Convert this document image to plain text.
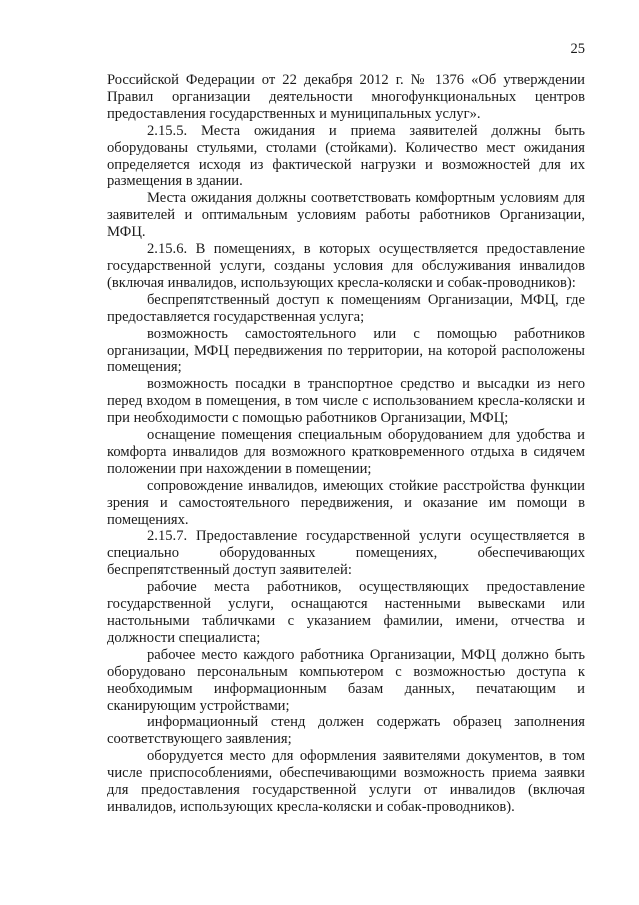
25

Российской Федерации от 22 декабря 2012 г. № 1376 «Об утверждении Правил организации деятельности многофункциональных центров предоставления государственных и муниципальных услуг».

2.15.5. Места ожидания и приема заявителей должны быть оборудованы стульями, столами (стойками). Количество мест ожидания определяется исходя из фактической нагрузки и возможностей для их размещения в здании.

Места ожидания должны соответствовать комфортным условиям для заявителей и оптимальным условиям работы работников Организации, МФЦ.

2.15.6. В помещениях, в которых осуществляется предоставление государственной услуги, созданы условия для обслуживания инвалидов (включая инвалидов, использующих кресла-коляски и собак-проводников):

беспрепятственный доступ к помещениям Организации, МФЦ, где предоставляется государственная услуга;

возможность самостоятельного или с помощью работников организации, МФЦ передвижения по территории, на которой расположены помещения;

возможность посадки в транспортное средство и высадки из него перед входом в помещения, в том числе с использованием кресла-коляски и при необходимости с помощью работников Организации, МФЦ;

оснащение помещения специальным оборудованием для удобства и комфорта инвалидов для возможного кратковременного отдыха в сидячем положении при нахождении в помещении;

сопровождение инвалидов, имеющих стойкие расстройства функции зрения и самостоятельного передвижения, и оказание им помощи в помещениях.

2.15.7. Предоставление государственной услуги осуществляется в специально оборудованных помещениях, обеспечивающих беспрепятственный доступ заявителей:

рабочие места работников, осуществляющих предоставление государственной услуги, оснащаются настенными вывесками или настольными табличками с указанием фамилии, имени, отчества и должности специалиста;

рабочее место каждого работника Организации, МФЦ должно быть оборудовано персональным компьютером с возможностью доступа к необходимым информационным базам данных, печатающим и сканирующим устройствами;

информационный стенд должен содержать образец заполнения соответствующего заявления;

оборудуется место для оформления заявителями документов, в том числе приспособлениями, обеспечивающими возможность приема заявки для предоставления государственной услуги от инвалидов (включая инвалидов, использующих кресла-коляски и собак-проводников).
